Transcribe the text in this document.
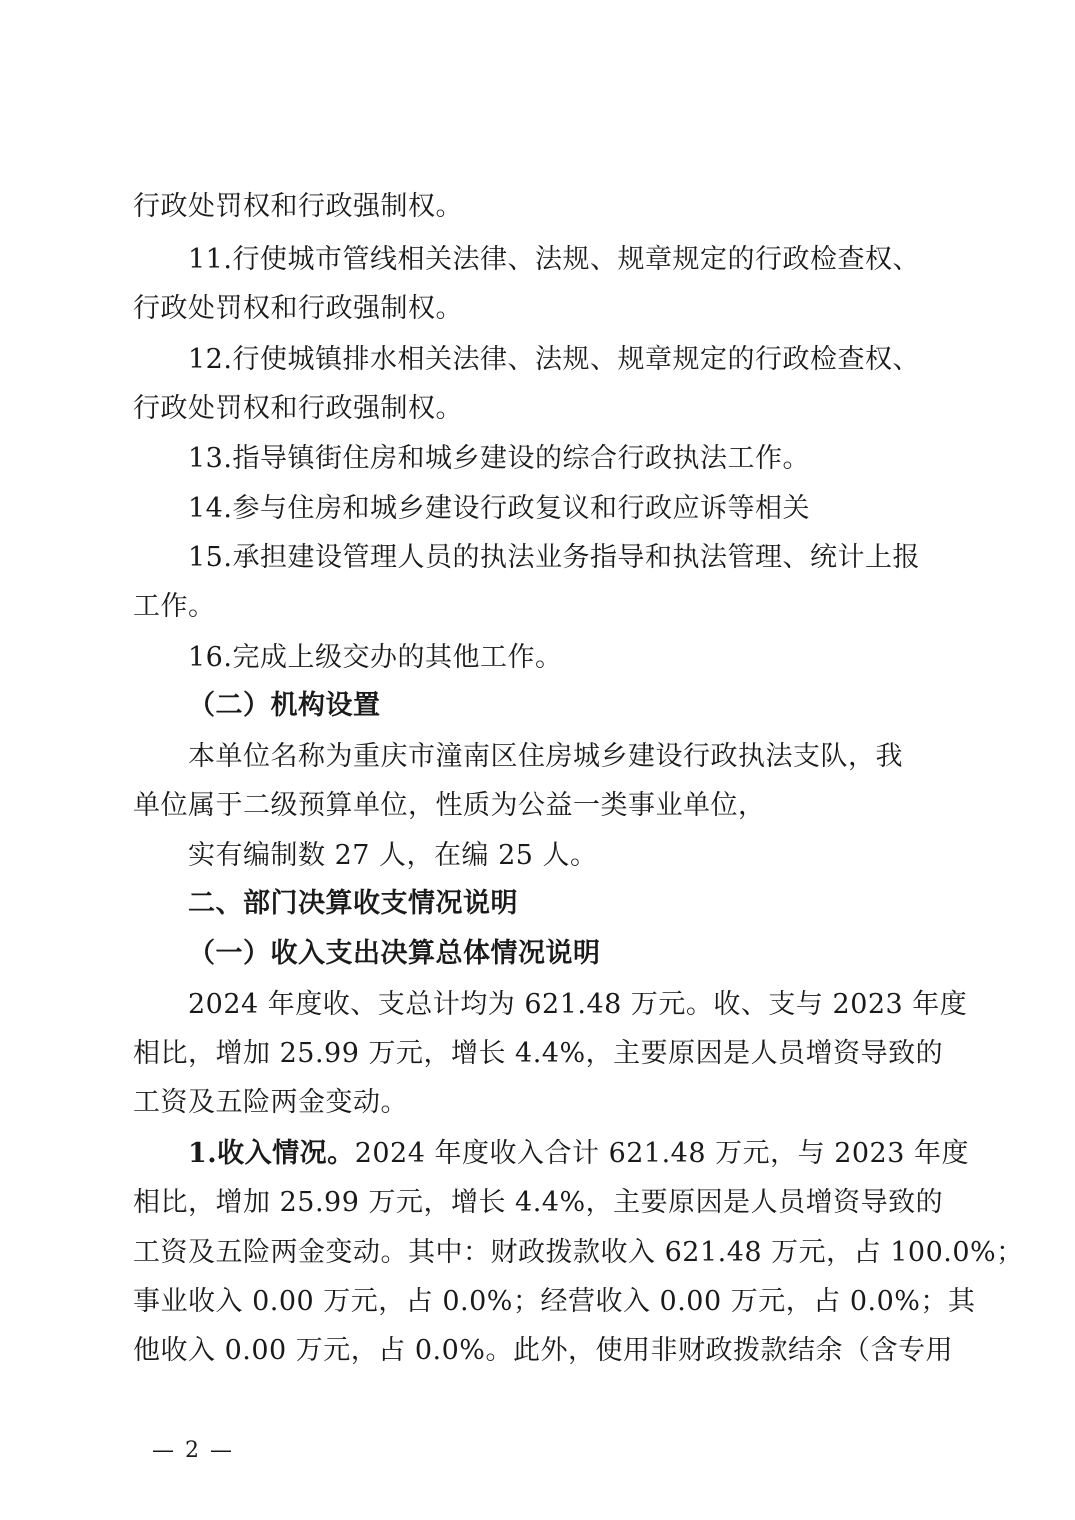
行政处罚权和行政强制权。
11.行使城市管线相关法律、法规、规章规定的行政检查权、
行政处罚权和行政强制权。
12.行使城镇排水相关法律、法规、规章规定的行政检查权、
行政处罚权和行政强制权。
13.指导镇街住房和城乡建设的综合行政执法工作。
14.参与住房和城乡建设行政复议和行政应诉等相关
15.承担建设管理人员的执法业务指导和执法管理、统计上报
工作。
16.完成上级交办的其他工作。
（二）机构设置
本单位名称为重庆市潼南区住房城乡建设行政执法支队，我
单位属于二级预算单位，性质为公益一类事业单位，
实有编制数 27 人，在编 25 人。
二、部门决算收支情况说明
（一）收入支出决算总体情况说明
2024 年度收、支总计均为 621.48 万元。收、支与 2023 年度
相比，增加 25.99 万元，增长 4.4%，主要原因是人员增资导致的
工资及五险两金变动。
1.收入情况。2024 年度收入合计 621.48 万元，与 2023 年度
相比，增加 25.99 万元，增长 4.4%，主要原因是人员增资导致的
工资及五险两金变动。其中：财政拨款收入 621.48 万元，占 100.0%；
事业收入 0.00 万元，占 0.0%；经营收入 0.00 万元，占 0.0%；其
他收入 0.00 万元，占 0.0%。此外，使用非财政拨款结余（含专用
— 2 —
